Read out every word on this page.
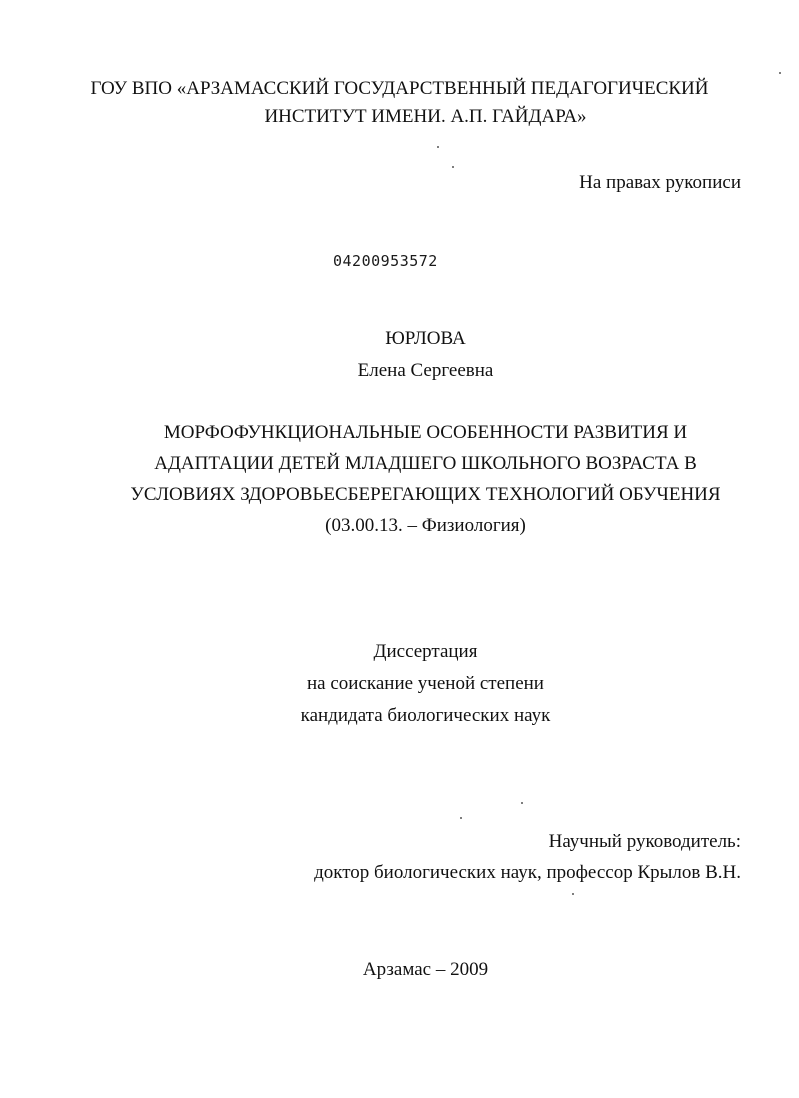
ГОУ ВПО «АРЗАМАССКИЙ ГОСУДАРСТВЕННЫЙ ПЕДАГОГИЧЕСКИЙ
ИНСТИТУТ ИМЕНИ. А.П. ГАЙДАРА»
На правах рукописи
04200953572
ЮРЛОВА
Елена Сергеевна
МОРФОФУНКЦИОНАЛЬНЫЕ ОСОБЕННОСТИ РАЗВИТИЯ И
АДАПТАЦИИ ДЕТЕЙ МЛАДШЕГО ШКОЛЬНОГО ВОЗРАСТА В
УСЛОВИЯХ ЗДОРОВЬЕСБЕРЕГАЮЩИХ ТЕХНОЛОГИЙ ОБУЧЕНИЯ
(03.00.13. – Физиология)
Диссертация
на соискание ученой степени
кандидата биологических наук
Научный руководитель:
доктор биологических наук, профессор Крылов В.Н.
Арзамас – 2009
